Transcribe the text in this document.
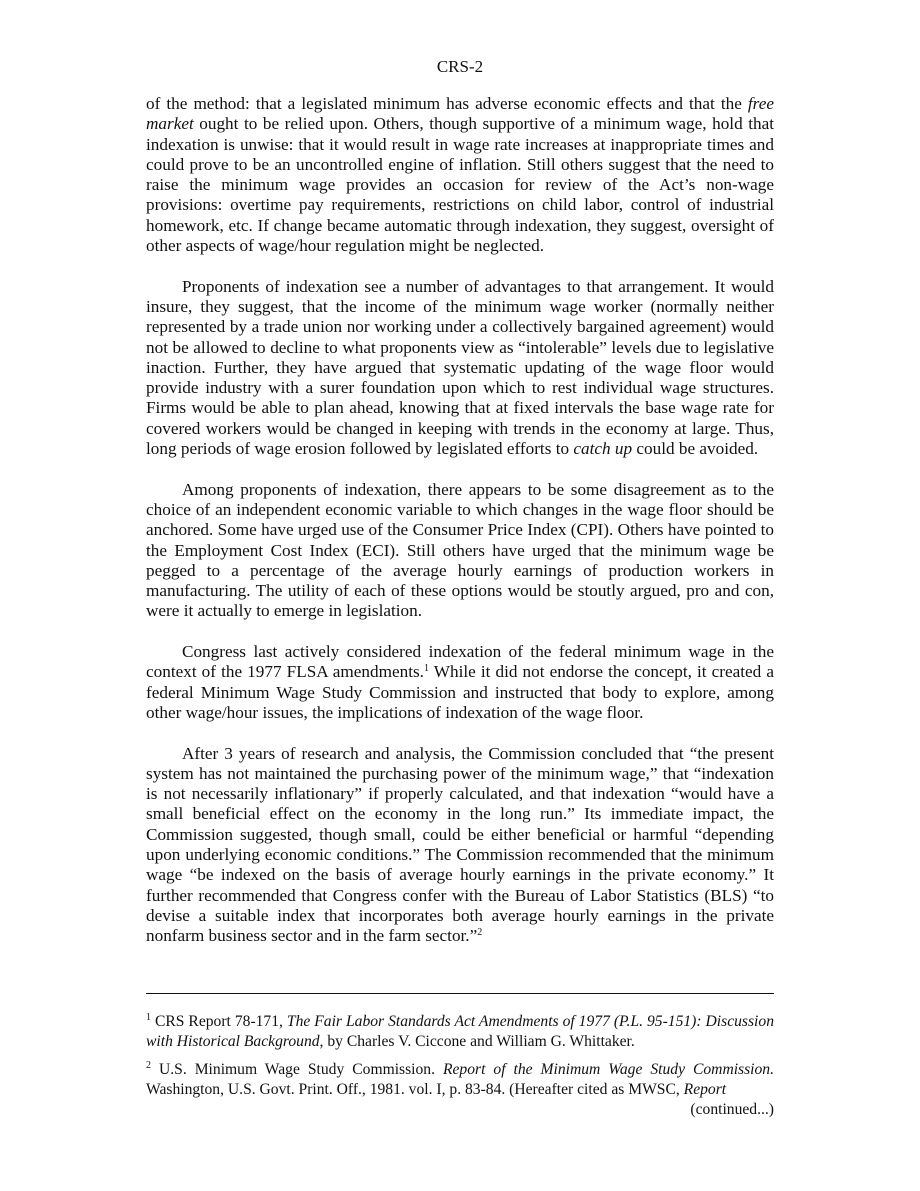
CRS-2

of the method: that a legislated minimum has adverse economic effects and that the free market ought to be relied upon. Others, though supportive of a minimum wage, hold that indexation is unwise: that it would result in wage rate increases at inappropriate times and could prove to be an uncontrolled engine of inflation. Still others suggest that the need to raise the minimum wage provides an occasion for review of the Act’s non-wage provisions: overtime pay requirements, restrictions on child labor, control of industrial homework, etc. If change became automatic through indexation, they suggest, oversight of other aspects of wage/hour regulation might be neglected.

Proponents of indexation see a number of advantages to that arrangement. It would insure, they suggest, that the income of the minimum wage worker (normally neither represented by a trade union nor working under a collectively bargained agreement) would not be allowed to decline to what proponents view as “intolerable” levels due to legislative inaction. Further, they have argued that systematic updating of the wage floor would provide industry with a surer foundation upon which to rest individual wage structures. Firms would be able to plan ahead, knowing that at fixed intervals the base wage rate for covered workers would be changed in keeping with trends in the economy at large. Thus, long periods of wage erosion followed by legislated efforts to catch up could be avoided.

Among proponents of indexation, there appears to be some disagreement as to the choice of an independent economic variable to which changes in the wage floor should be anchored. Some have urged use of the Consumer Price Index (CPI). Others have pointed to the Employment Cost Index (ECI). Still others have urged that the minimum wage be pegged to a percentage of the average hourly earnings of production workers in manufacturing. The utility of each of these options would be stoutly argued, pro and con, were it actually to emerge in legislation.

Congress last actively considered indexation of the federal minimum wage in the context of the 1977 FLSA amendments.$^1$ While it did not endorse the concept, it created a federal Minimum Wage Study Commission and instructed that body to explore, among other wage/hour issues, the implications of indexation of the wage floor.

After 3 years of research and analysis, the Commission concluded that “the present system has not maintained the purchasing power of the minimum wage,” that “indexation is not necessarily inflationary” if properly calculated, and that indexation “would have a small beneficial effect on the economy in the long run.” Its immediate impact, the Commission suggested, though small, could be either beneficial or harmful “depending upon underlying economic conditions.” The Commission recommended that the minimum wage “be indexed on the basis of average hourly earnings in the private economy.” It further recommended that Congress confer with the Bureau of Labor Statistics (BLS) “to devise a suitable index that incorporates both average hourly earnings in the private nonfarm business sector and in the farm sector.”$^2$

$^1$ CRS Report 78-171, The Fair Labor Standards Act Amendments of 1977 (P.L. 95-151): Discussion with Historical Background, by Charles V. Ciccone and William G. Whittaker.

$^2$ U.S. Minimum Wage Study Commission. Report of the Minimum Wage Study Commission. Washington, U.S. Govt. Print. Off., 1981. vol. I, p. 83-84. (Hereafter cited as MWSC, Report
(continued...)
